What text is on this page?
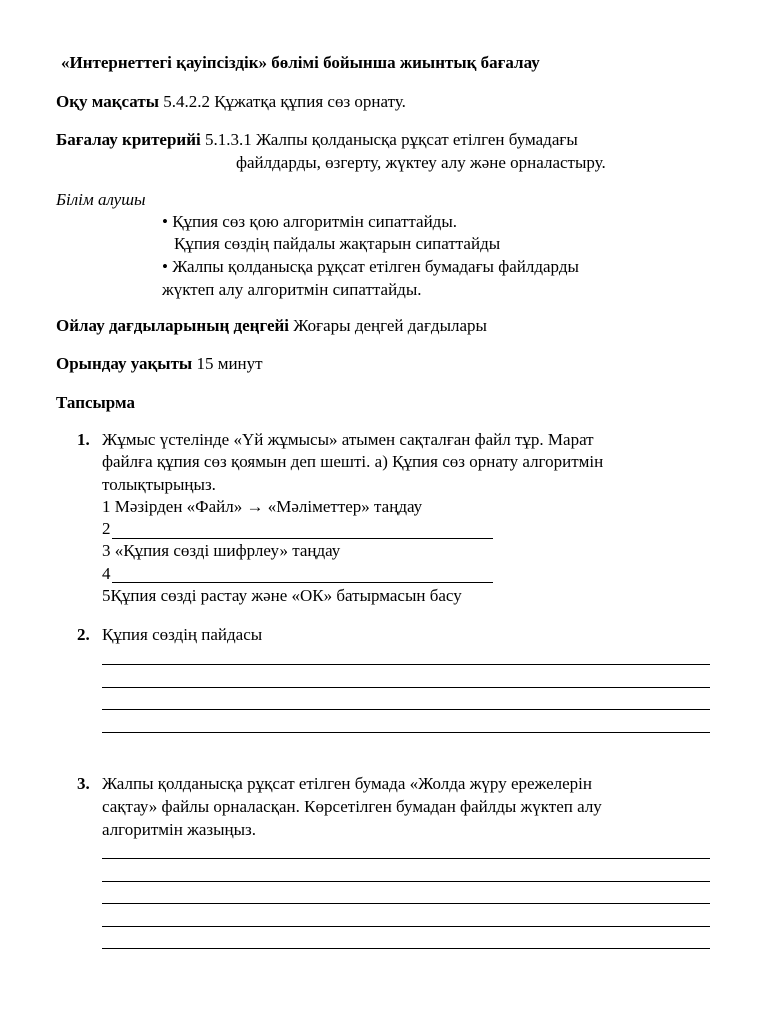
«Интернеттегі қауіпсіздік» бөлімі бойынша жиынтық бағалау
Оқу мақсаты 5.4.2.2 Құжатқа құпия сөз орнату.
Бағалау критерийі 5.1.3.1 Жалпы қолданысқа рұқсат етілген бумадағы
файлдарды, өзгерту, жүктеу алу және орналастыру.
Білім алушы
• Құпия сөз қою алгоритмін сипаттайды.
Құпия сөздің пайдалы жақтарын сипаттайды
• Жалпы қолданысқа рұқсат етілген бумадағы файлдарды
жүктеп алу алгоритмін сипаттайды.
Ойлау дағдыларының деңгейі Жоғары деңгей дағдылары
Орындау уақыты 15 минут
Тапсырма
1. Жұмыс үстелінде «Үй жұмысы» атымен сақталған файл тұр. Марат
файлға құпия сөз қоямын деп шешті. а) Құпия сөз орнату алгоритмін
толықтырыңыз.
1 Мәзірден «Файл» → «Мәліметтер» таңдау
2
3 «Құпия сөзді шифрлеу» таңдау
4
5Құпия сөзді растау және «ОК» батырмасын басу
2. Құпия сөздің пайдасы
3. Жалпы қолданысқа рұқсат етілген бумада «Жолда жүру ережелерін
сақтау» файлы орналасқан. Көрсетілген бумадан файлды жүктеп алу
алгоритмін жазыңыз.
